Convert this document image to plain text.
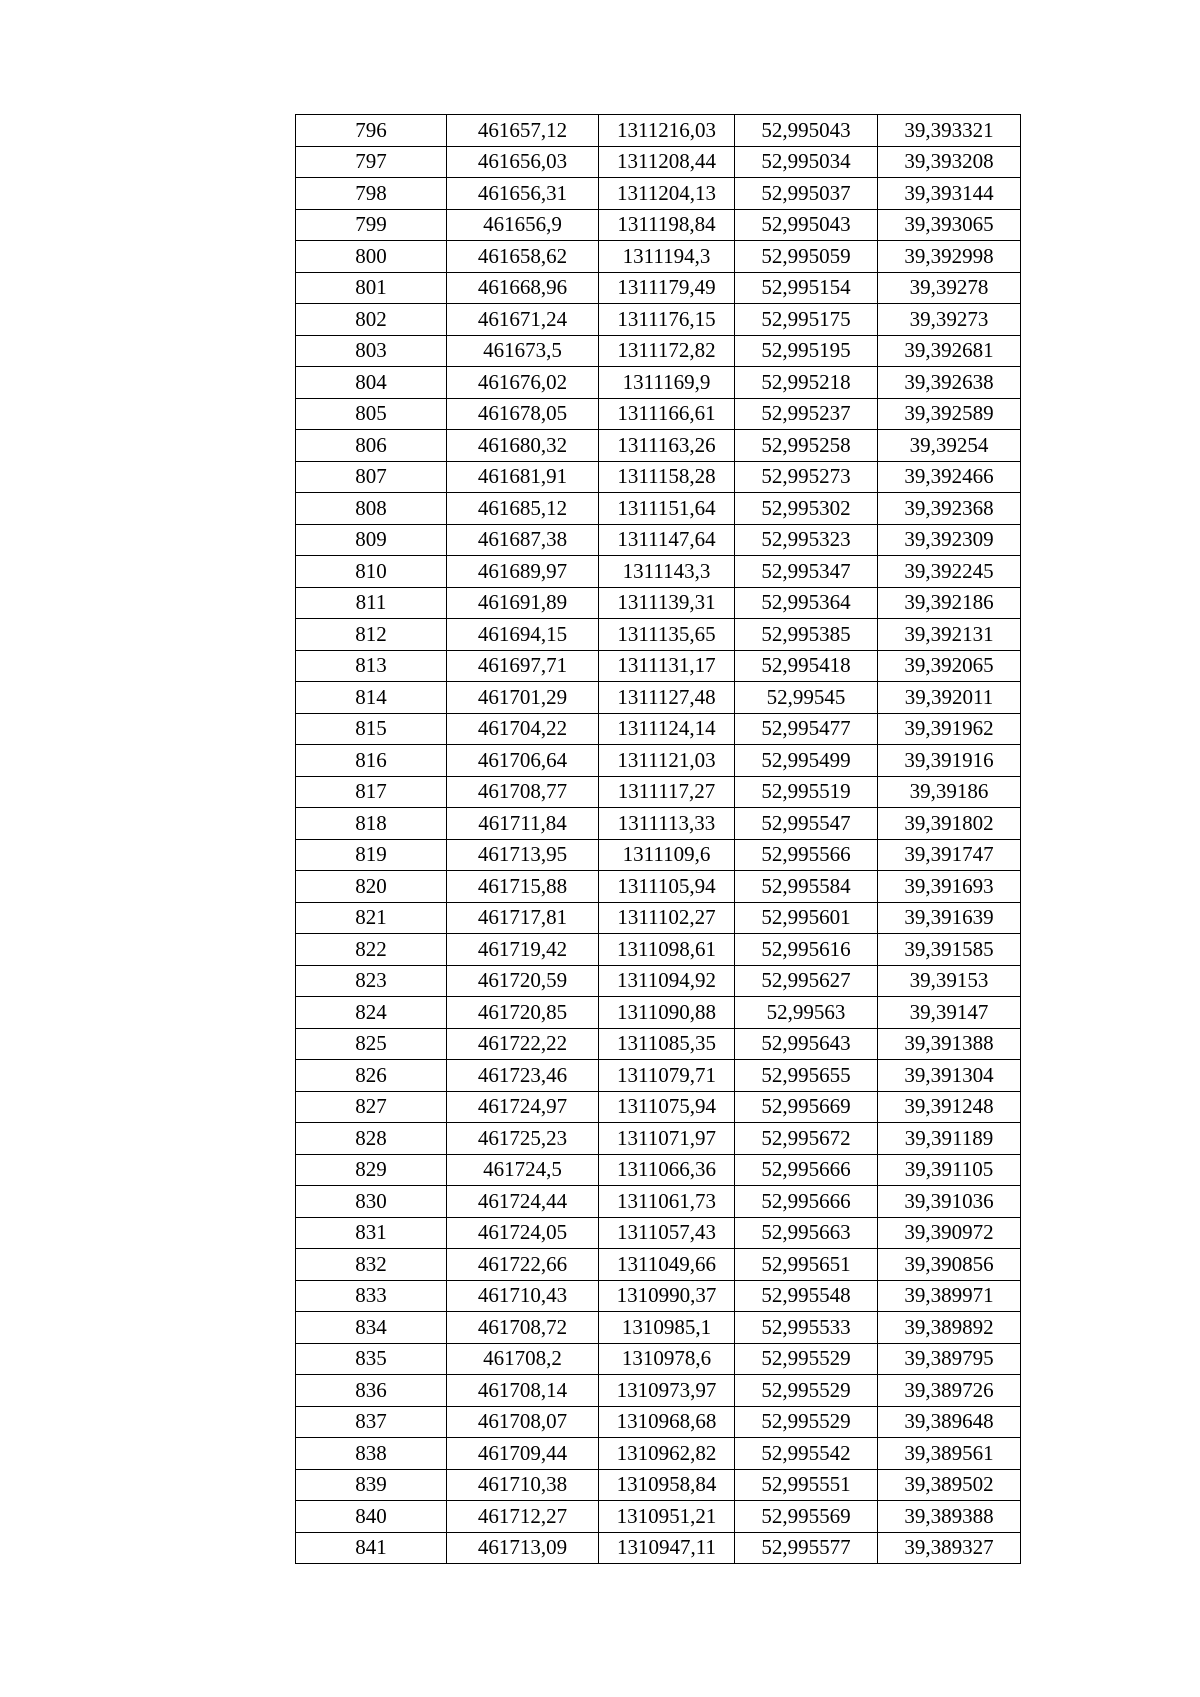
796	461657,12	1311216,03	52,995043	39,393321
797	461656,03	1311208,44	52,995034	39,393208
798	461656,31	1311204,13	52,995037	39,393144
799	461656,9	1311198,84	52,995043	39,393065
800	461658,62	1311194,3	52,995059	39,392998
801	461668,96	1311179,49	52,995154	39,39278
802	461671,24	1311176,15	52,995175	39,39273
803	461673,5	1311172,82	52,995195	39,392681
804	461676,02	1311169,9	52,995218	39,392638
805	461678,05	1311166,61	52,995237	39,392589
806	461680,32	1311163,26	52,995258	39,39254
807	461681,91	1311158,28	52,995273	39,392466
808	461685,12	1311151,64	52,995302	39,392368
809	461687,38	1311147,64	52,995323	39,392309
810	461689,97	1311143,3	52,995347	39,392245
811	461691,89	1311139,31	52,995364	39,392186
812	461694,15	1311135,65	52,995385	39,392131
813	461697,71	1311131,17	52,995418	39,392065
814	461701,29	1311127,48	52,99545	39,392011
815	461704,22	1311124,14	52,995477	39,391962
816	461706,64	1311121,03	52,995499	39,391916
817	461708,77	1311117,27	52,995519	39,39186
818	461711,84	1311113,33	52,995547	39,391802
819	461713,95	1311109,6	52,995566	39,391747
820	461715,88	1311105,94	52,995584	39,391693
821	461717,81	1311102,27	52,995601	39,391639
822	461719,42	1311098,61	52,995616	39,391585
823	461720,59	1311094,92	52,995627	39,39153
824	461720,85	1311090,88	52,99563	39,39147
825	461722,22	1311085,35	52,995643	39,391388
826	461723,46	1311079,71	52,995655	39,391304
827	461724,97	1311075,94	52,995669	39,391248
828	461725,23	1311071,97	52,995672	39,391189
829	461724,5	1311066,36	52,995666	39,391105
830	461724,44	1311061,73	52,995666	39,391036
831	461724,05	1311057,43	52,995663	39,390972
832	461722,66	1311049,66	52,995651	39,390856
833	461710,43	1310990,37	52,995548	39,389971
834	461708,72	1310985,1	52,995533	39,389892
835	461708,2	1310978,6	52,995529	39,389795
836	461708,14	1310973,97	52,995529	39,389726
837	461708,07	1310968,68	52,995529	39,389648
838	461709,44	1310962,82	52,995542	39,389561
839	461710,38	1310958,84	52,995551	39,389502
840	461712,27	1310951,21	52,995569	39,389388
841	461713,09	1310947,11	52,995577	39,389327
